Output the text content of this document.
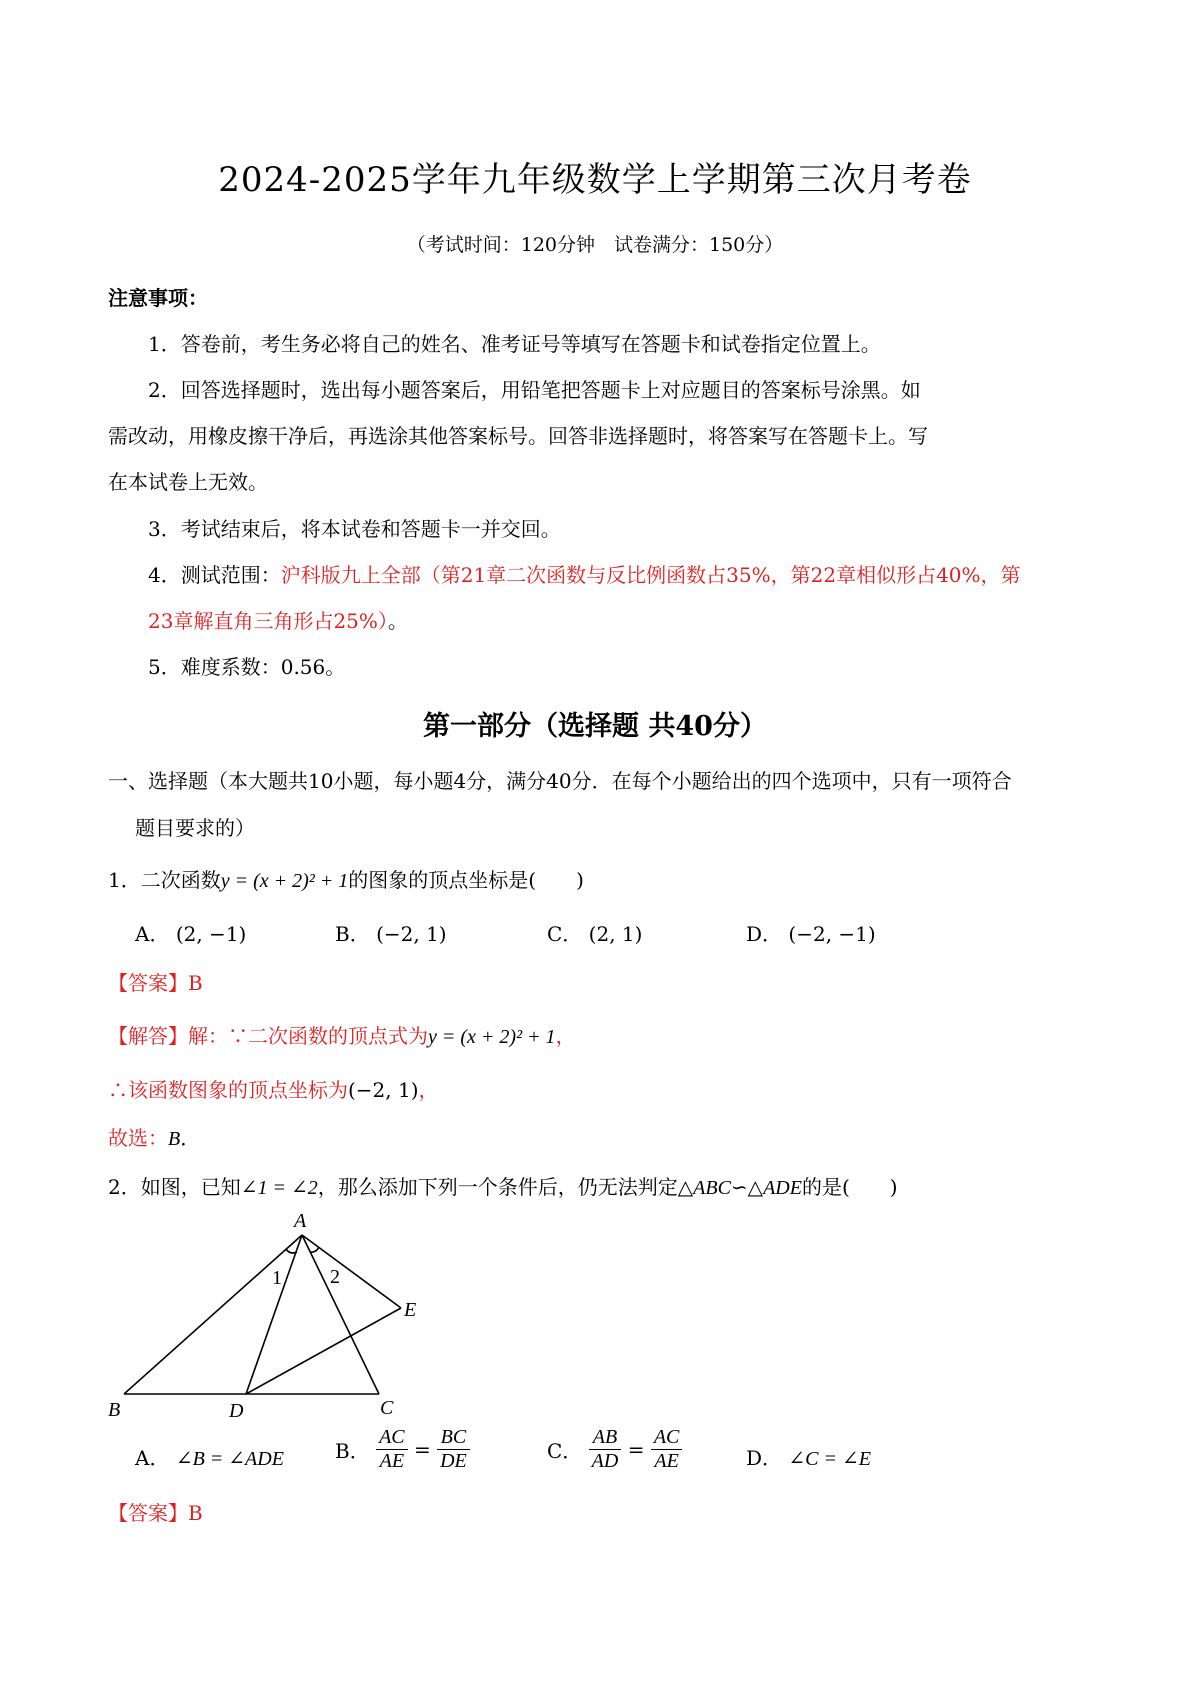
2024-2025学年九年级数学上学期第三次月考卷
（考试时间：120分钟　试卷满分：150分）
注意事项：
1．答卷前，考生务必将自己的姓名、准考证号等填写在答题卡和试卷指定位置上。
2．回答选择题时，选出每小题答案后，用铅笔把答题卡上对应题目的答案标号涂黑。如
需改动，用橡皮擦干净后，再选涂其他答案标号。回答非选择题时，将答案写在答题卡上。写
在本试卷上无效。
3．考试结束后，将本试卷和答题卡一并交回。
4．测试范围：沪科版九上全部（第21章二次函数与反比例函数占35%，第22章相似形占40%，第
23章解直角三角形占25%）。
5．难度系数：0.56。
第一部分（选择题 共40分）
一、选择题（本大题共10小题，每小题4分，满分40分．在每个小题给出的四个选项中，只有一项符合
题目要求的）
1．二次函数y = (x + 2)² + 1的图象的顶点坐标是(　　)
A． (2, −1)	B． (−2, 1)	C． (2, 1)	D． (−2, −1)
【答案】B
【解答】解：∵二次函数的顶点式为y = (x + 2)² + 1，
∴该函数图象的顶点坐标为(−2, 1)，
故选：B．
2．如图，已知∠1 = ∠2，那么添加下列一个条件后，仍无法判定△ABC∽△ADE的是(　　)
A
B	D	C
E
1 2
A． ∠B = ∠ADE	B． $\frac{AC}{AE} = \frac{BC}{DE}$	C． $\frac{AB}{AD} = \frac{AC}{AE}$	D． ∠C = ∠E
【答案】B
